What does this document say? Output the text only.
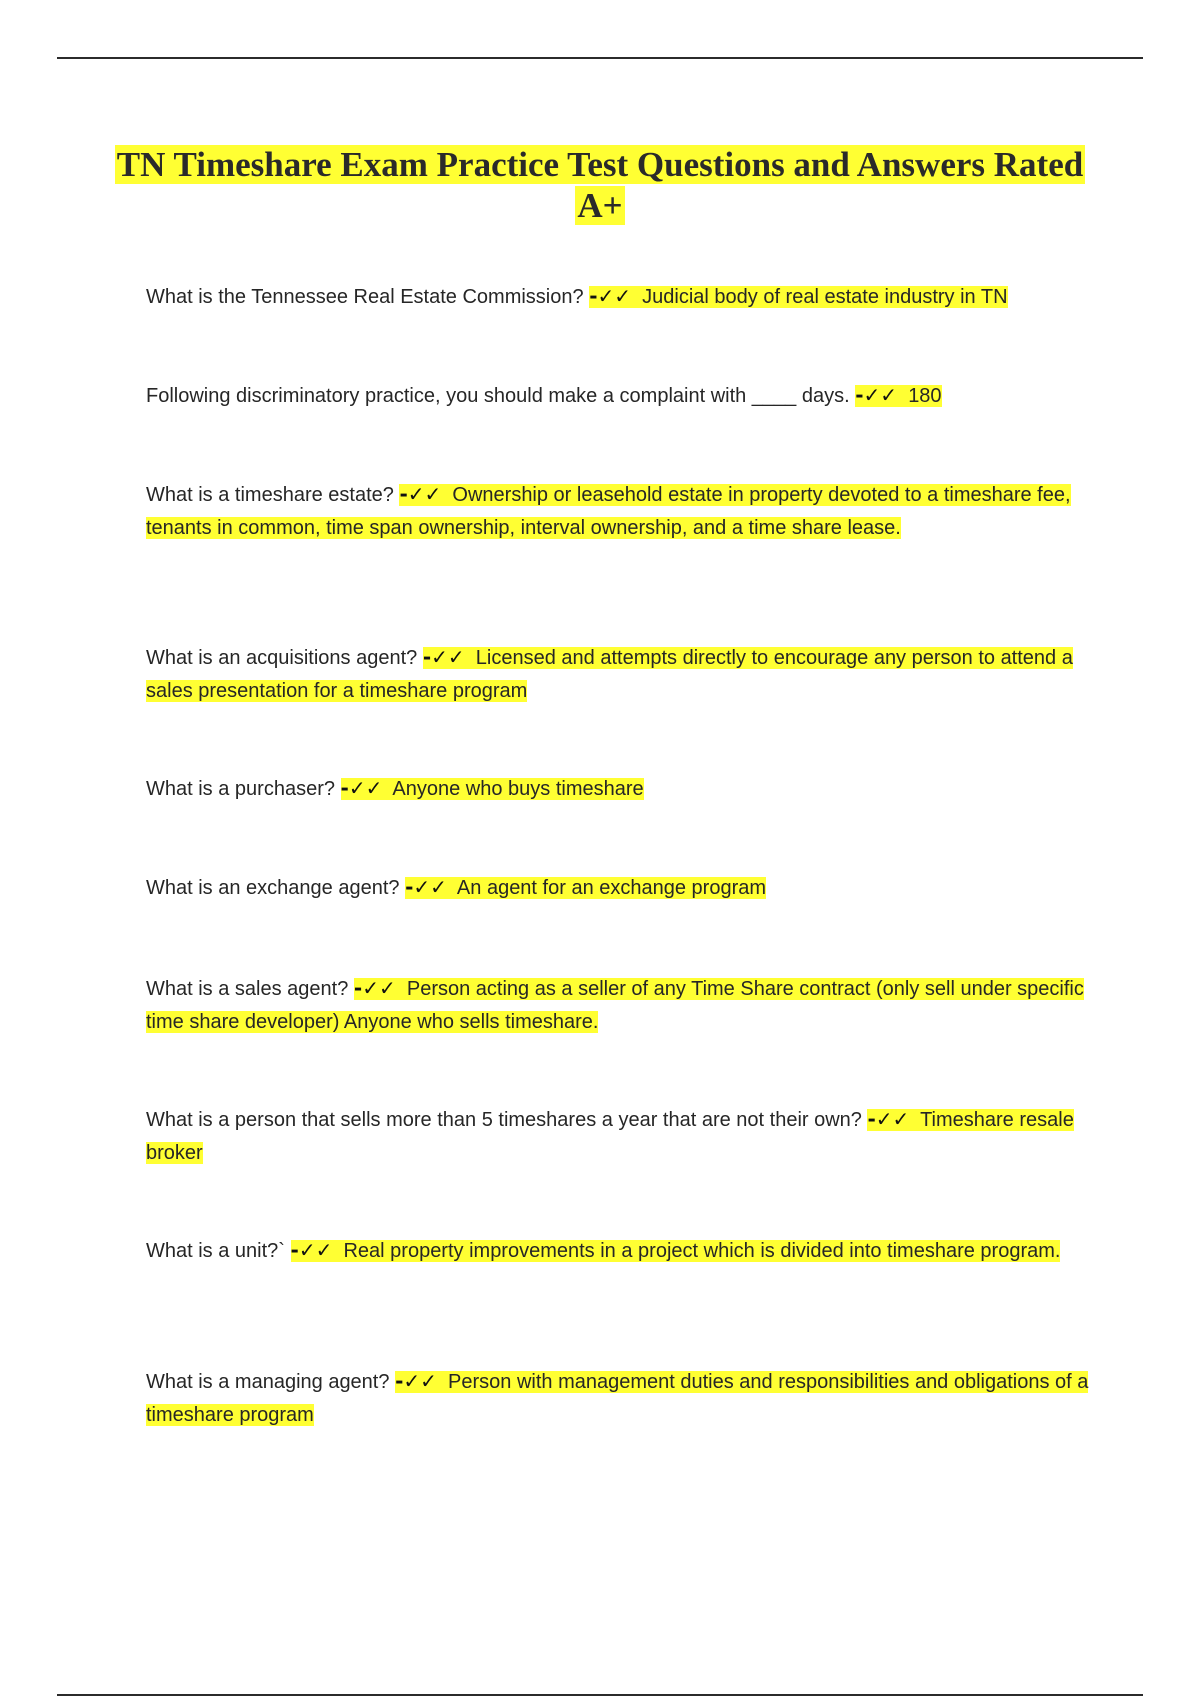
TN Timeshare Exam Practice Test Questions and Answers Rated A+

What is the Tennessee Real Estate Commission? -✓✓ Judicial body of real estate industry in TN

Following discriminatory practice, you should make a complaint with ____ days. -✓✓ 180

What is a timeshare estate? -✓✓ Ownership or leasehold estate in property devoted to a timeshare fee, tenants in common, time span ownership, interval ownership, and a time share lease.

What is an acquisitions agent? -✓✓ Licensed and attempts directly to encourage any person to attend a sales presentation for a timeshare program

What is a purchaser? -✓✓ Anyone who buys timeshare

What is an exchange agent? -✓✓ An agent for an exchange program

What is a sales agent? -✓✓ Person acting as a seller of any Time Share contract (only sell under specific time share developer) Anyone who sells timeshare.

What is a person that sells more than 5 timeshares a year that are not their own? -✓✓ Timeshare resale broker

What is a unit?` -✓✓ Real property improvements in a project which is divided into timeshare program.

What is a managing agent? -✓✓ Person with management duties and responsibilities and obligations of a timeshare program
